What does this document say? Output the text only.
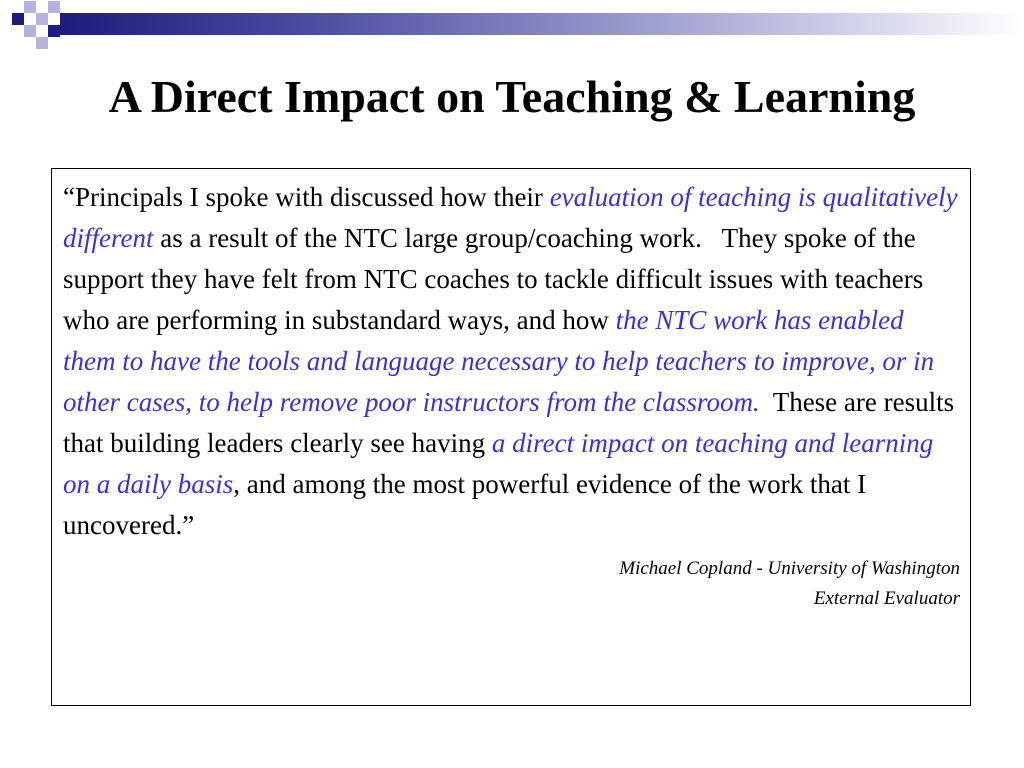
A Direct Impact on Teaching & Learning

“Principals I spoke with discussed how their evaluation of teaching is qualitatively different as a result of the NTC large group/coaching work.   They spoke of the support they have felt from NTC coaches to tackle difficult issues with teachers who are performing in substandard ways, and how the NTC work has enabled them to have the tools and language necessary to help teachers to improve, or in other cases, to help remove poor instructors from the classroom.  These are results that building leaders clearly see having a direct impact on teaching and learning on a daily basis, and among the most powerful evidence of the work that I uncovered.”

Michael Copland - University of Washington

External Evaluator
